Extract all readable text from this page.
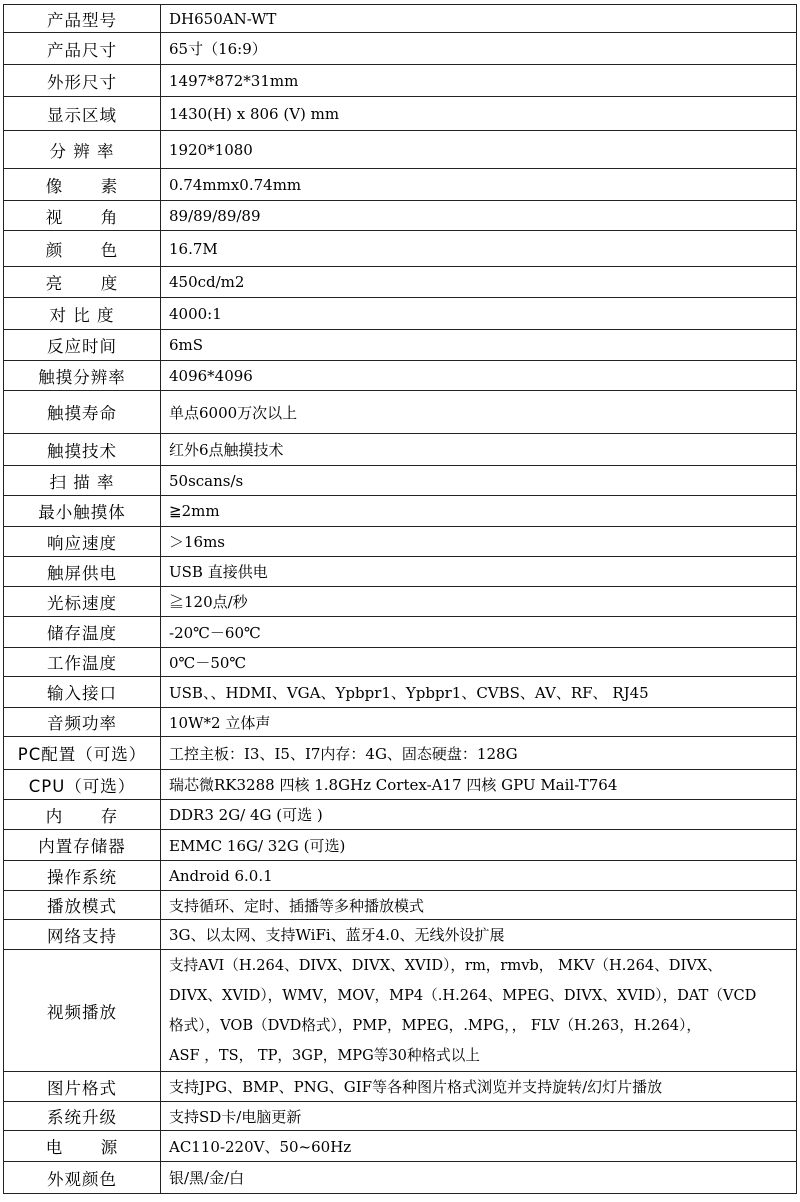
产品型号	DH650AN-WT
产品尺寸	65寸（16:9）
外形尺寸	1497*872*31mm
显示区域	1430(H) x 806 (V) mm
分 辨 率	1920*1080
像      素	0.74mmx0.74mm
视      角	89/89/89/89
颜      色	16.7M
亮      度	450cd/m2
对 比 度	4000:1
反应时间	6mS
触摸分辨率	4096*4096
触摸寿命	单点6000万次以上
触摸技术	红外6点触摸技术
扫 描 率	50scans/s
最小触摸体	≧2mm
响应速度	＞16ms
触屏供电	USB 直接供电
光标速度	≧120点/秒
储存温度	-20℃－60℃
工作温度	0℃－50℃
输入接口	USB、、HDMI、VGA、Ypbpr1、Ypbpr1、CVBS、AV、RF、 RJ45
音频功率	10W*2 立体声
PC配置（可选）	工控主板：I3、I5、I7内存：4G、固态硬盘：128G
CPU（可选）	瑞芯微RK3288 四核 1.8GHz Cortex-A17 四核 GPU Mail-T764
内      存	DDR3 2G/ 4G (可选 )
内置存储器	EMMC 16G/ 32G (可选)
操作系统	Android 6.0.1
播放模式	支持循环、定时、插播等多种播放模式
网络支持	3G、以太网、支持WiFi、蓝牙4.0、无线外设扩展
视频播放	支持AVI（H.264、DIVX、DIVX、XVID），rm，rmvb， MKV（H.264、DIVX、
DIVX、XVID），WMV，MOV，MP4（.H.264、MPEG、DIVX、XVID），DAT（VCD
格式），VOB（DVD格式），PMP，MPEG，.MPG，， FLV（H.263，H.264），
ASF ，TS， TP，3GP，MPG等30种格式以上

图片格式	支持JPG、BMP、PNG、GIF等各种图片格式浏览并支持旋转/幻灯片播放
系统升级	支持SD卡/电脑更新
电      源	AC110-220V、50~60Hz
外观颜色	银/黑/金/白
